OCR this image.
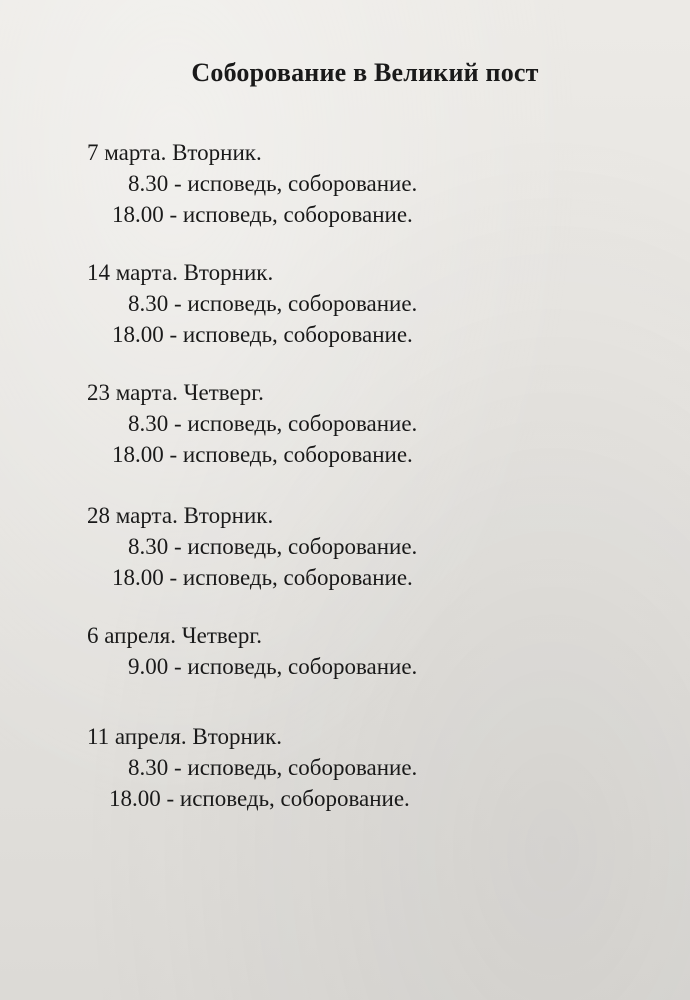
Соборование в Великий пост
7 марта. Вторник.
8.30 - исповедь, соборование.
18.00 - исповедь, соборование.
14 марта. Вторник.
8.30 - исповедь, соборование.
18.00 - исповедь, соборование.
23 марта. Четверг.
8.30 - исповедь, соборование.
18.00 - исповедь, соборование.
28 марта. Вторник.
8.30 - исповедь, соборование.
18.00 - исповедь, соборование.
6 апреля. Четверг.
9.00 - исповедь, соборование.
11 апреля. Вторник.
8.30 - исповедь, соборование.
18.00 - исповедь, соборование.
